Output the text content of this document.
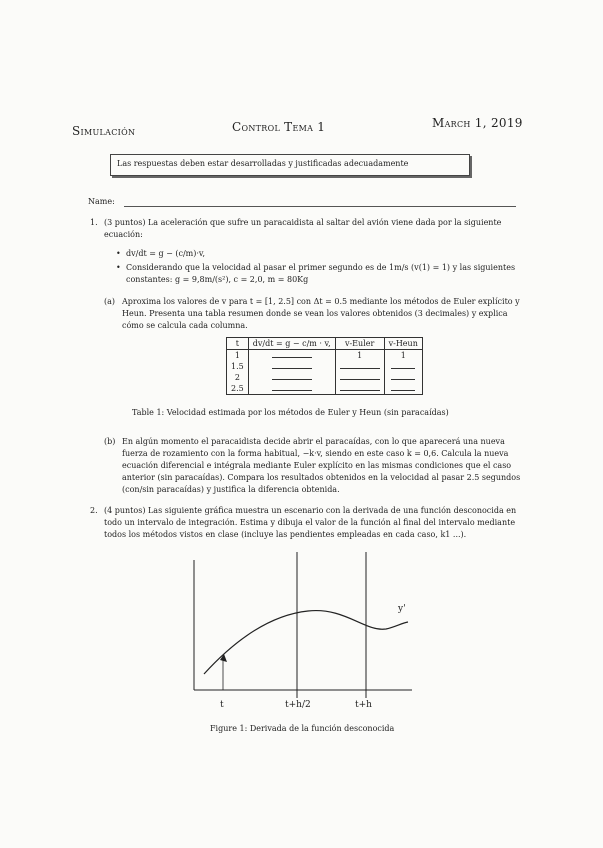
Simulación	Control Tema 1	March 1, 2019
Las respuestas deben estar desarrolladas y justificadas adecuadamente
Name:
1. (3 puntos) La aceleración que sufre un paracaidista al saltar del avión viene dada por la siguiente ecuación:
• dv/dt = g − (c/m)·v,
• Considerando que la velocidad al pasar el primer segundo es de 1m/s (v(1) = 1) y las siguientes
constantes: g = 9,8m/(s²), c = 2,0, m = 80Kg
(a) Aproxima los valores de v para t = [1, 2.5] con Δt = 0.5 mediante los métodos de Euler explícito y Heun. Presenta una tabla resumen donde se vean los valores obtenidos (3 decimales) y explica cómo se calcula cada columna.
t	dv/dt = g − c/m · v,	v-Euler	v-Heun
1		1	1
1.5			
2			
2.5			
Table 1: Velocidad estimada por los métodos de Euler y Heun (sin paracaídas)
(b) En algún momento el paracaidista decide abrir el paracaídas, con lo que aparecerá una nueva fuerza de rozamiento con la forma habitual, −k·v, siendo en este caso k = 0,6. Calcula la nueva ecuación diferencial e intégrala mediante Euler explícito en las mismas condiciones que el caso anterior (sin paracaídas). Compara los resultados obtenidos en la velocidad al pasar 2.5 segundos (con/sin paracaídas) y justifica la diferencia obtenida.
2. (4 puntos) Las siguiente gráfica muestra un escenario con la derivada de una función desconocida en todo un intervalo de integración. Estima y dibuja el valor de la función al final del intervalo mediante todos los métodos vistos en clase (incluye las pendientes empleadas en cada caso, k1 ...).
y'
t	t+h/2	t+h
Figure 1: Derivada de la función desconocida
